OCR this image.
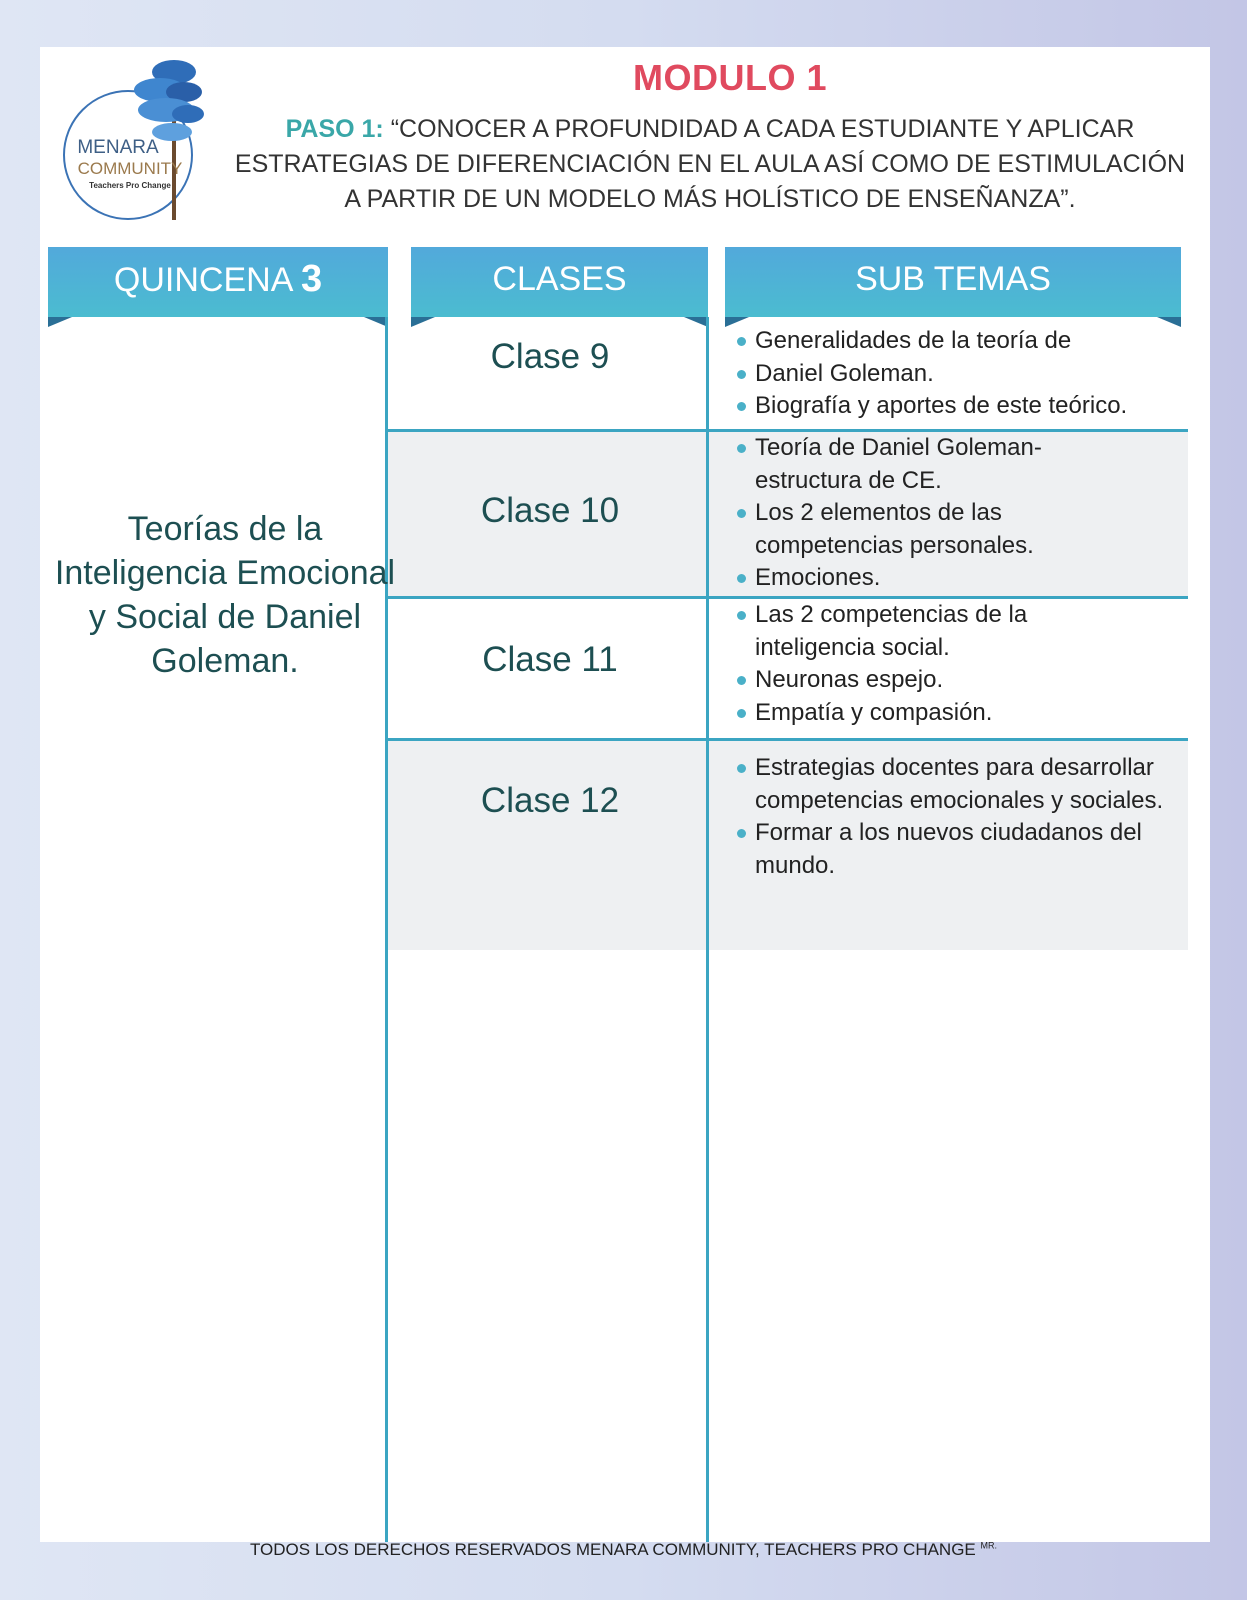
MENARA
COMMUNITY
Teachers Pro Change
MODULO 1
PASO 1: “CONOCER A PROFUNDIDAD A CADA ESTUDIANTE Y APLICAR ESTRATEGIAS DE DIFERENCIACIÓN EN EL AULA ASÍ COMO DE ESTIMULACIÓN A PARTIR DE UN MODELO MÁS HOLÍSTICO DE ENSEÑANZA”.
QUINCENA 3	CLASES	SUB TEMAS
Teorías de la Inteligencia Emocional y Social de Daniel Goleman.
Clase 9
Clase 10
Clase 11
Clase 12
Generalidades de la teoría de
Daniel Goleman.
Biografía y aportes de este teórico.
Teoría de Daniel Goleman- estructura de CE.
Los 2 elementos de las competencias personales.
Emociones.
Las 2 competencias de la inteligencia social.
Neuronas espejo.
Empatía y compasión.
Estrategias docentes para desarrollar competencias emocionales y sociales.
Formar a los nuevos ciudadanos del mundo.
TODOS LOS DERECHOS RESERVADOS MENARA COMMUNITY, TEACHERS PRO CHANGE $^{MR.}$
